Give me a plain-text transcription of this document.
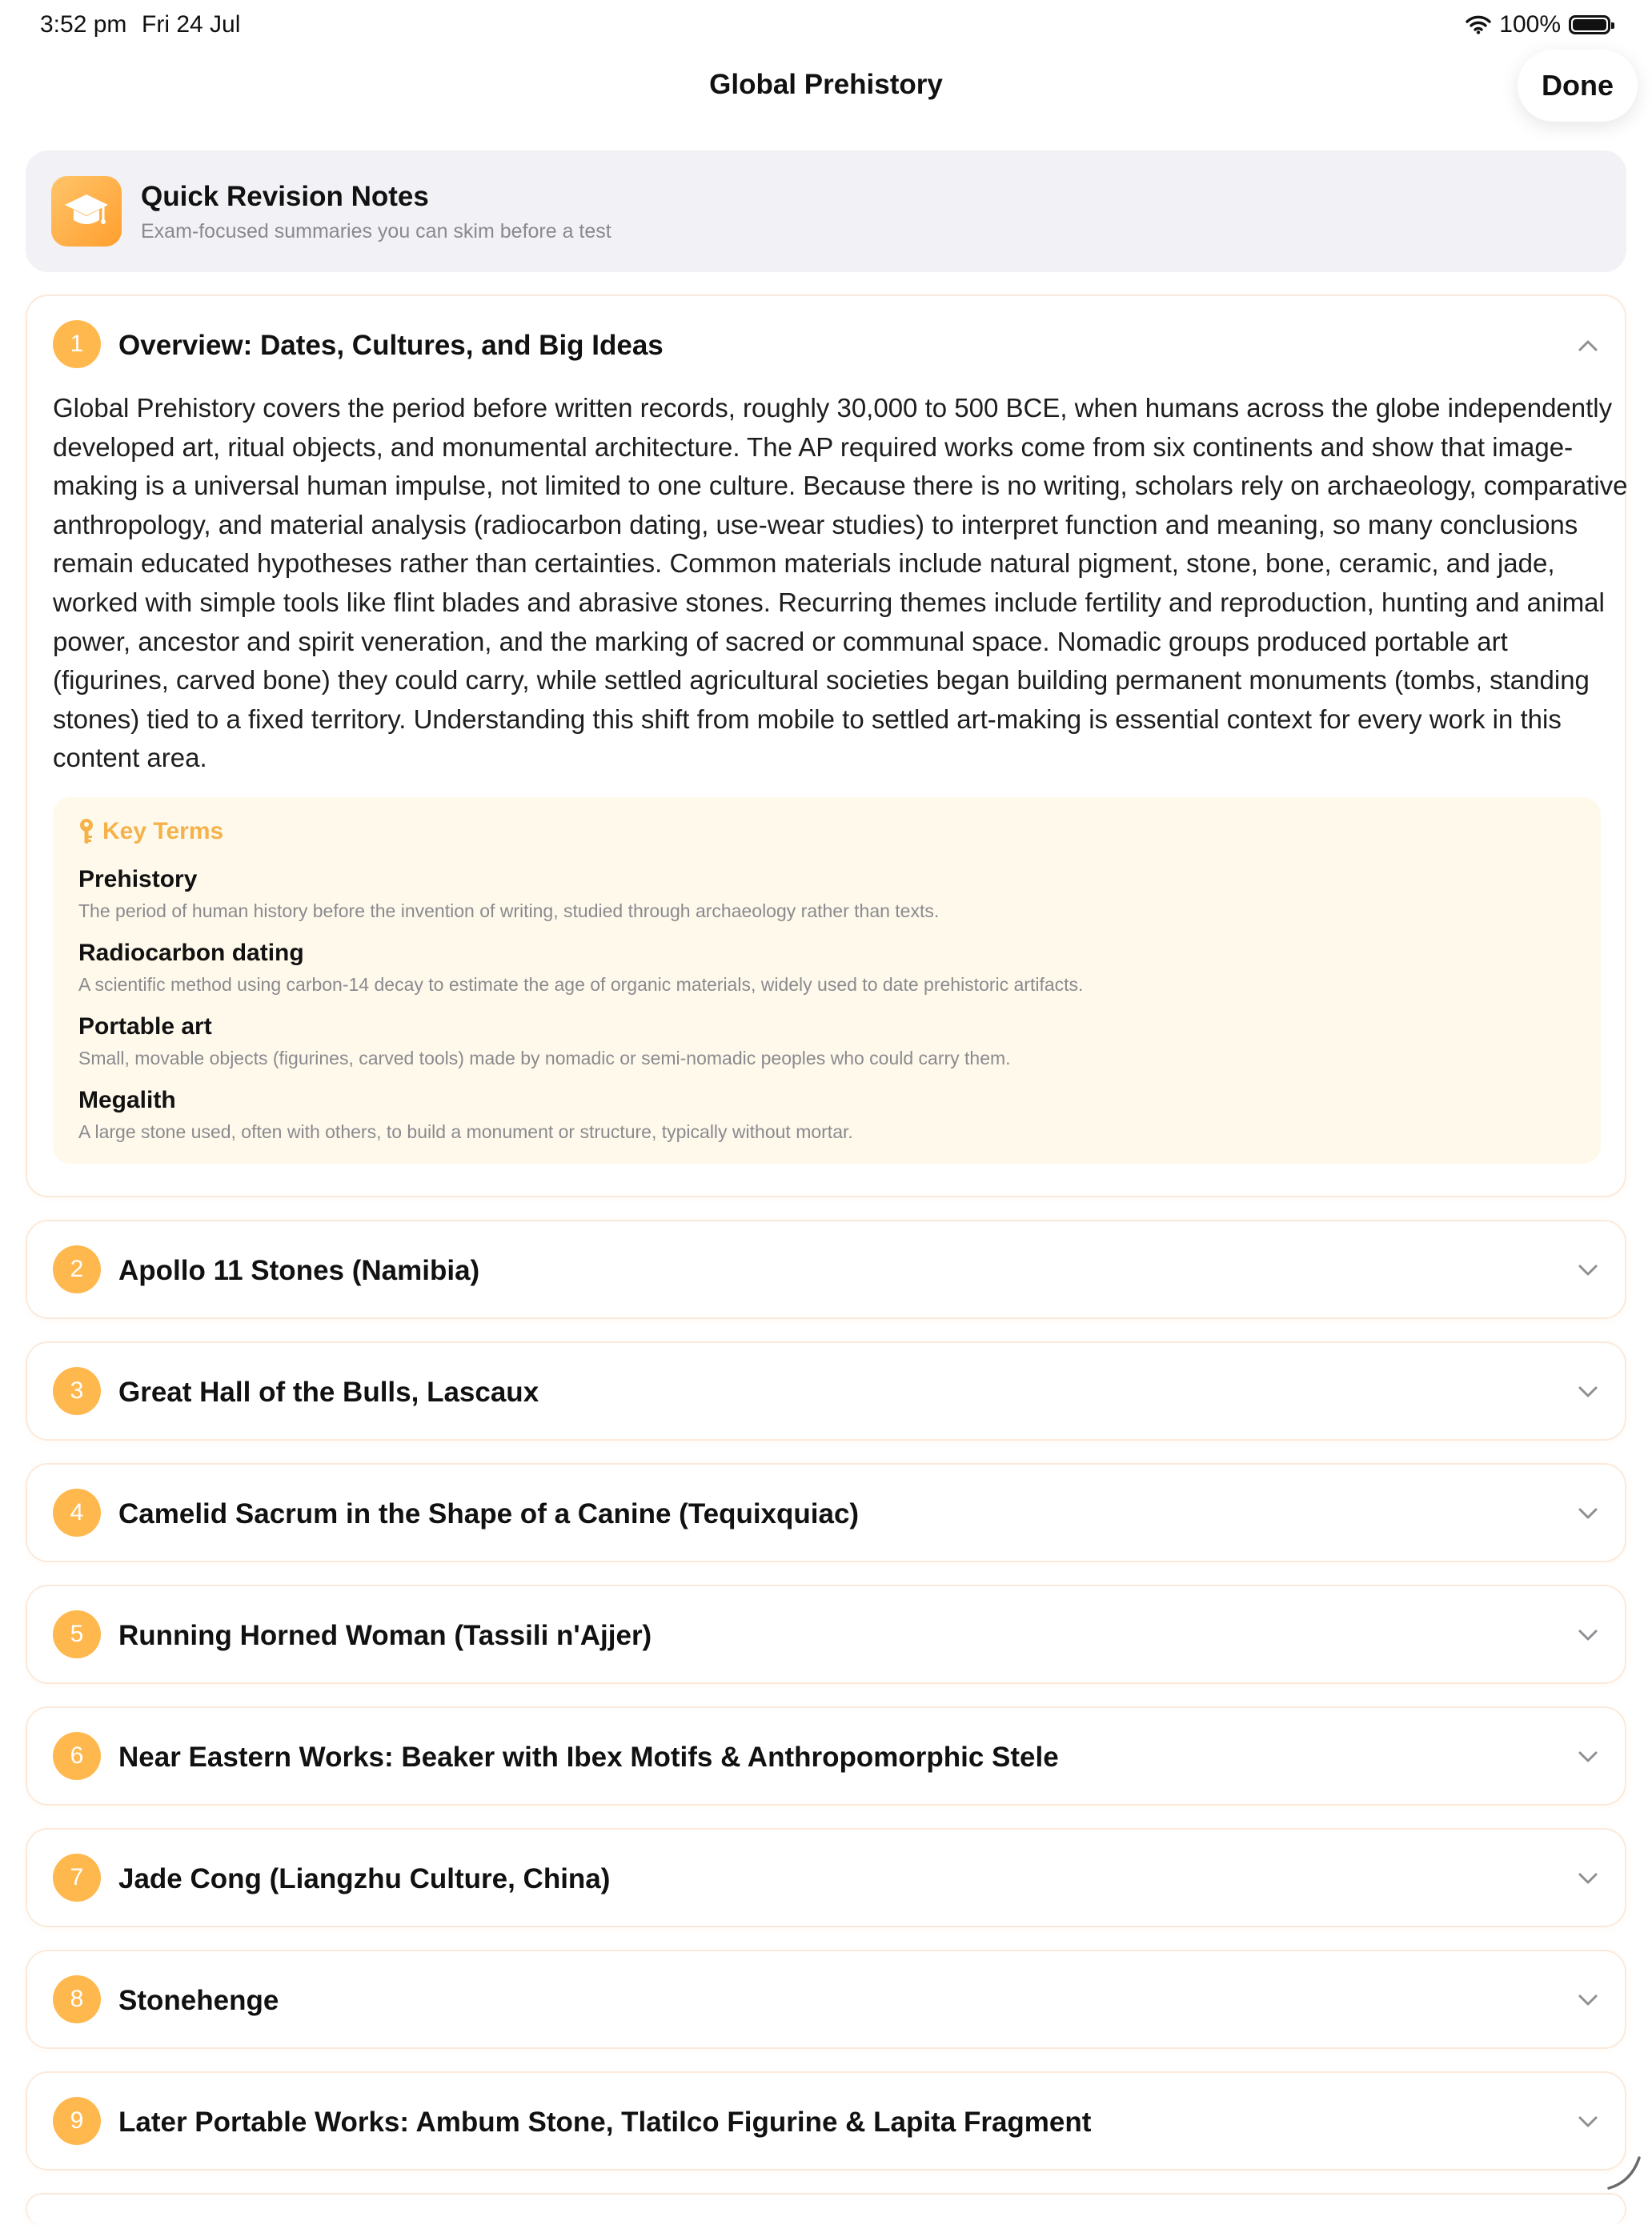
3:52 pm Fri 24 Jul	100%
Global Prehistory	Done
Quick Revision Notes
Exam-focused summaries you can skim before a test
1	Overview: Dates, Cultures, and Big Ideas
Global Prehistory covers the period before written records, roughly 30,000 to 500 BCE, when humans across the globe independently developed art, ritual objects, and monumental architecture. The AP required works come from six continents and show that image-making is a universal human impulse, not limited to one culture. Because there is no writing, scholars rely on archaeology, comparative anthropology, and material analysis (radiocarbon dating, use-wear studies) to interpret function and meaning, so many conclusions remain educated hypotheses rather than certainties. Common materials include natural pigment, stone, bone, ceramic, and jade, worked with simple tools like flint blades and abrasive stones. Recurring themes include fertility and reproduction, hunting and animal power, ancestor and spirit veneration, and the marking of sacred or communal space. Nomadic groups produced portable art (figurines, carved bone) they could carry, while settled agricultural societies began building permanent monuments (tombs, standing stones) tied to a fixed territory. Understanding this shift from mobile to settled art-making is essential context for every work in this content area.
Key Terms
Prehistory
The period of human history before the invention of writing, studied through archaeology rather than texts.
Radiocarbon dating
A scientific method using carbon-14 decay to estimate the age of organic materials, widely used to date prehistoric artifacts.
Portable art
Small, movable objects (figurines, carved tools) made by nomadic or semi-nomadic peoples who could carry them.
Megalith
A large stone used, often with others, to build a monument or structure, typically without mortar.
2	Apollo 11 Stones (Namibia)
3	Great Hall of the Bulls, Lascaux
4	Camelid Sacrum in the Shape of a Canine (Tequixquiac)
5	Running Horned Woman (Tassili n'Ajjer)
6	Near Eastern Works: Beaker with Ibex Motifs & Anthropomorphic Stele
7	Jade Cong (Liangzhu Culture, China)
8	Stonehenge
9	Later Portable Works: Ambum Stone, Tlatilco Figurine & Lapita Fragment
